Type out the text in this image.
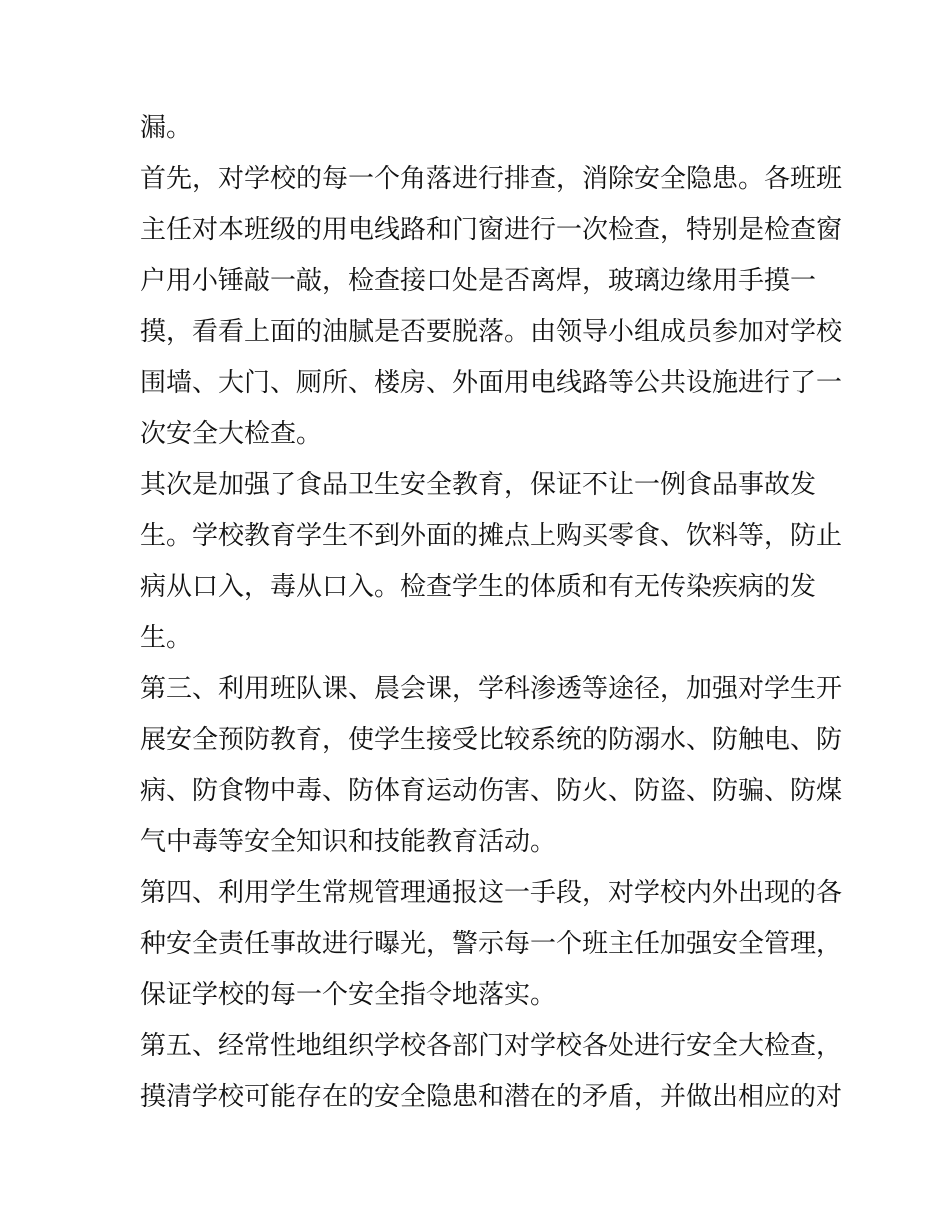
漏。
首先，对学校的每一个角落进行排查，消除安全隐患。各班班
主任对本班级的用电线路和门窗进行一次检查，特别是检查窗
户用小锤敲一敲，检查接口处是否离焊，玻璃边缘用手摸一
摸，看看上面的油腻是否要脱落。由领导小组成员参加对学校
围墙、大门、厕所、楼房、外面用电线路等公共设施进行了一
次安全大检查。
其次是加强了食品卫生安全教育，保证不让一例食品事故发
生。学校教育学生不到外面的摊点上购买零食、饮料等，防止
病从口入，毒从口入。检查学生的体质和有无传染疾病的发
生。
第三、利用班队课、晨会课，学科渗透等途径，加强对学生开
展安全预防教育，使学生接受比较系统的防溺水、防触电、防
病、防食物中毒、防体育运动伤害、防火、防盗、防骗、防煤
气中毒等安全知识和技能教育活动。
第四、利用学生常规管理通报这一手段，对学校内外出现的各
种安全责任事故进行曝光，警示每一个班主任加强安全管理，
保证学校的每一个安全指令地落实。
第五、经常性地组织学校各部门对学校各处进行安全大检查，
摸清学校可能存在的安全隐患和潜在的矛盾，并做出相应的对
